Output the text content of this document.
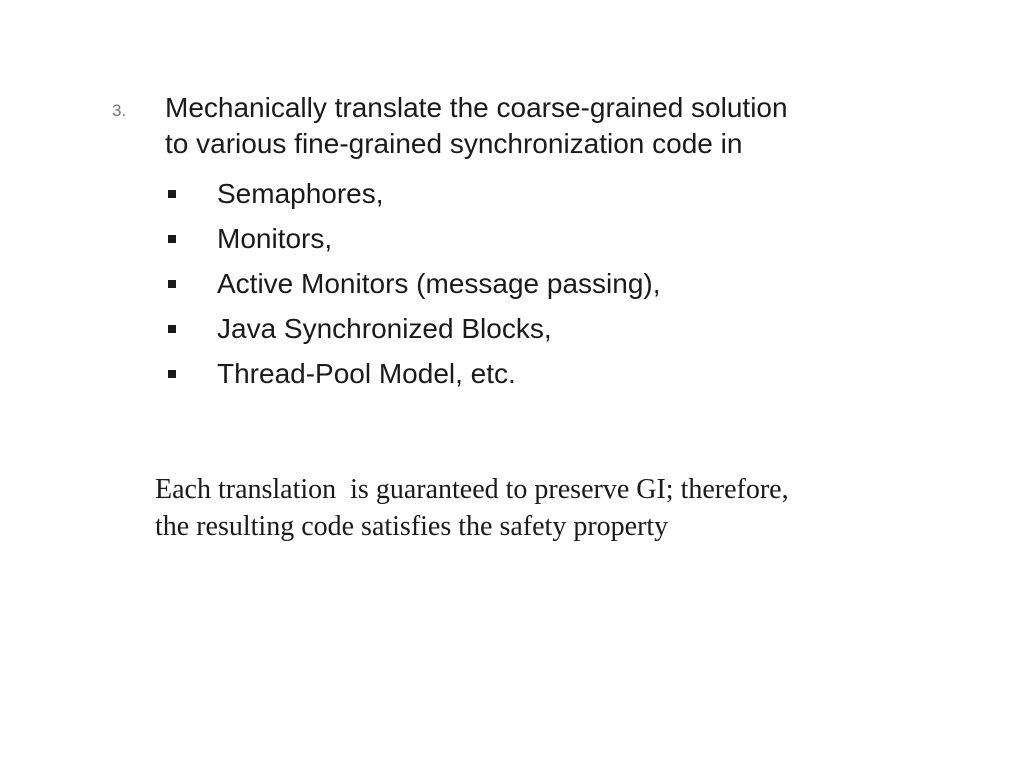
3. Mechanically translate the coarse-grained solution
to various fine-grained synchronization code in
Semaphores,
Monitors,
Active Monitors (message passing),
Java Synchronized Blocks,
Thread-Pool Model, etc.
Each translation  is guaranteed to preserve GI; therefore,
the resulting code satisfies the safety property
